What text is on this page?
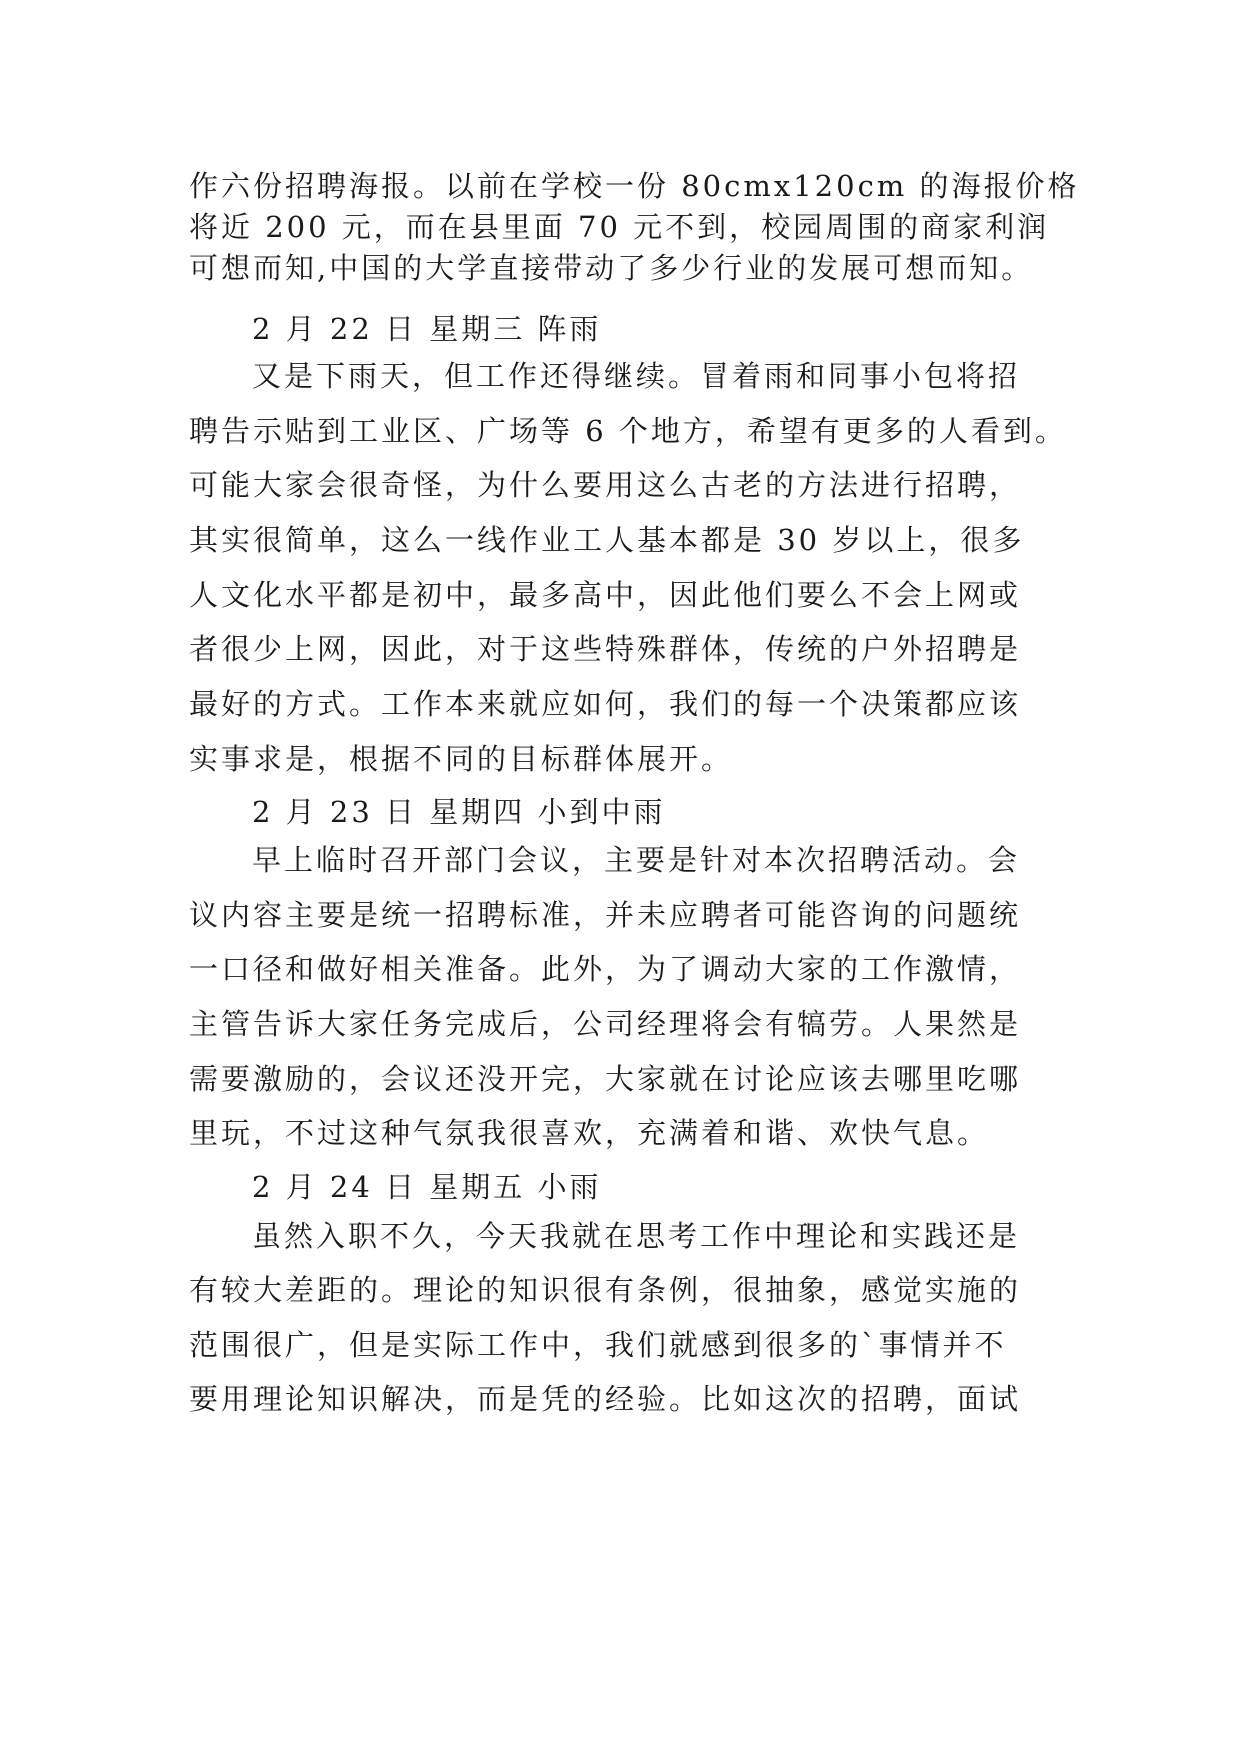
作六份招聘海报。以前在学校一份 80cmx120cm 的海报价格
将近 200 元，而在县里面 70 元不到，校园周围的商家利润
可想而知,中国的大学直接带动了多少行业的发展可想而知。
2 月 22 日 星期三 阵雨
又是下雨天，但工作还得继续。冒着雨和同事小包将招
聘告示贴到工业区、广场等 6 个地方，希望有更多的人看到。
可能大家会很奇怪，为什么要用这么古老的方法进行招聘，
其实很简单，这么一线作业工人基本都是 30 岁以上，很多
人文化水平都是初中，最多高中，因此他们要么不会上网或
者很少上网，因此，对于这些特殊群体，传统的户外招聘是
最好的方式。工作本来就应如何，我们的每一个决策都应该
实事求是，根据不同的目标群体展开。
2 月 23 日 星期四 小到中雨
早上临时召开部门会议，主要是针对本次招聘活动。会
议内容主要是统一招聘标准，并未应聘者可能咨询的问题统
一口径和做好相关准备。此外，为了调动大家的工作激情，
主管告诉大家任务完成后，公司经理将会有犒劳。人果然是
需要激励的，会议还没开完，大家就在讨论应该去哪里吃哪
里玩，不过这种气氛我很喜欢，充满着和谐、欢快气息。
2 月 24 日 星期五 小雨
虽然入职不久，今天我就在思考工作中理论和实践还是
有较大差距的。理论的知识很有条例，很抽象，感觉实施的
范围很广，但是实际工作中，我们就感到很多的`事情并不
要用理论知识解决，而是凭的经验。比如这次的招聘，面试
